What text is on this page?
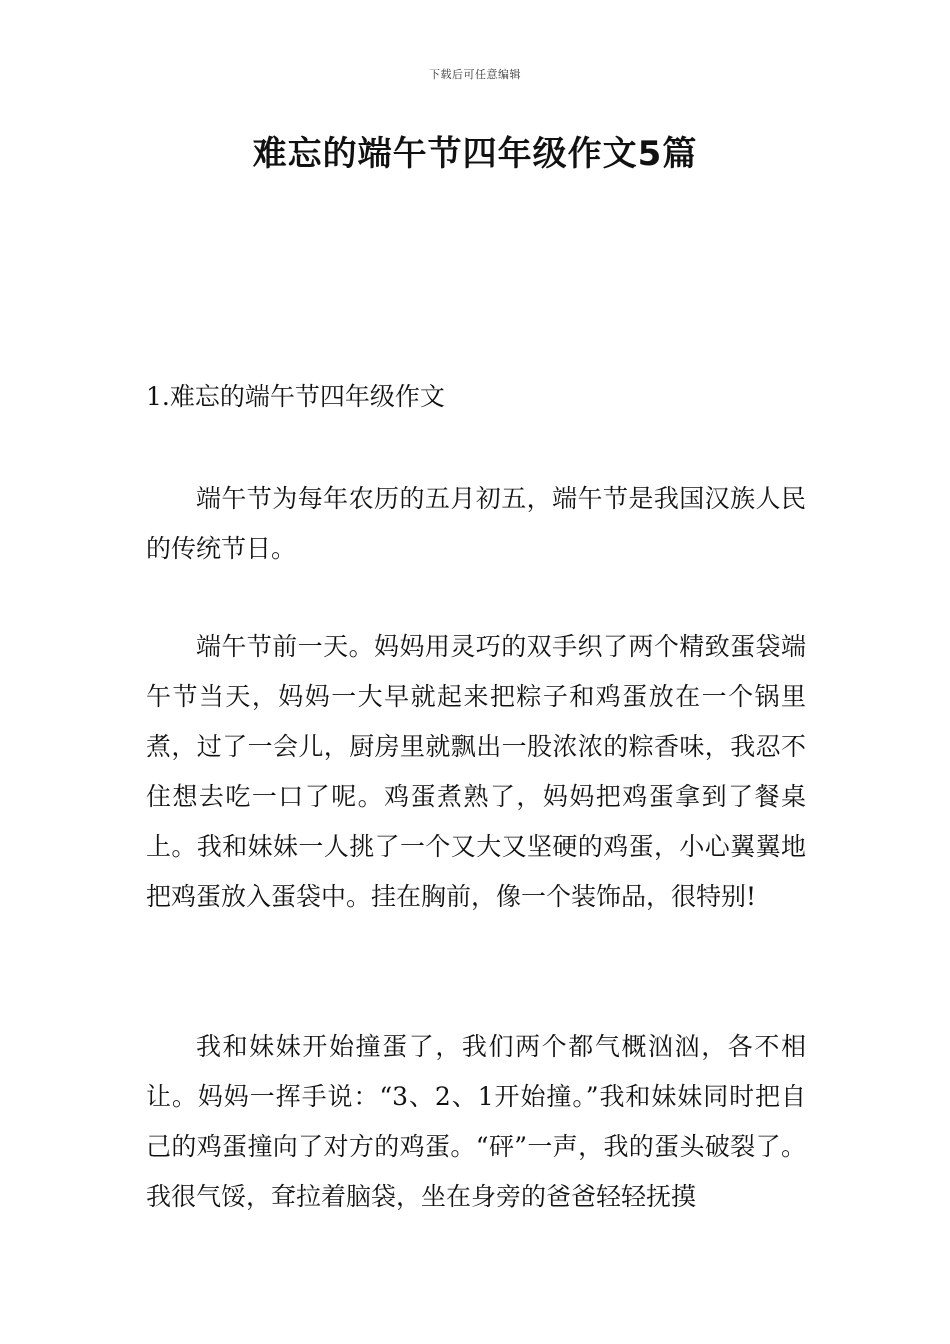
下载后可任意编辑
难忘的端午节四年级作文5篇
1.难忘的端午节四年级作文

端午节为每年农历的五月初五，端午节是我国汉族人民的传统节日。

端午节前一天。妈妈用灵巧的双手织了两个精致蛋袋端午节当天，妈妈一大早就起来把粽子和鸡蛋放在一个锅里煮，过了一会儿，厨房里就飘出一股浓浓的粽香味，我忍不住想去吃一口了呢。鸡蛋煮熟了，妈妈把鸡蛋拿到了餐桌上。我和妹妹一人挑了一个又大又坚硬的鸡蛋，小心翼翼地把鸡蛋放入蛋袋中。挂在胸前，像一个装饰品，很特别!

我和妹妹开始撞蛋了，我们两个都气概汹汹，各不相让。妈妈一挥手说：“3、2、1开始撞。”我和妹妹同时把自己的鸡蛋撞向了对方的鸡蛋。“砰”一声，我的蛋头破裂了。我很气馁，耷拉着脑袋，坐在身旁的爸爸轻轻抚摸
